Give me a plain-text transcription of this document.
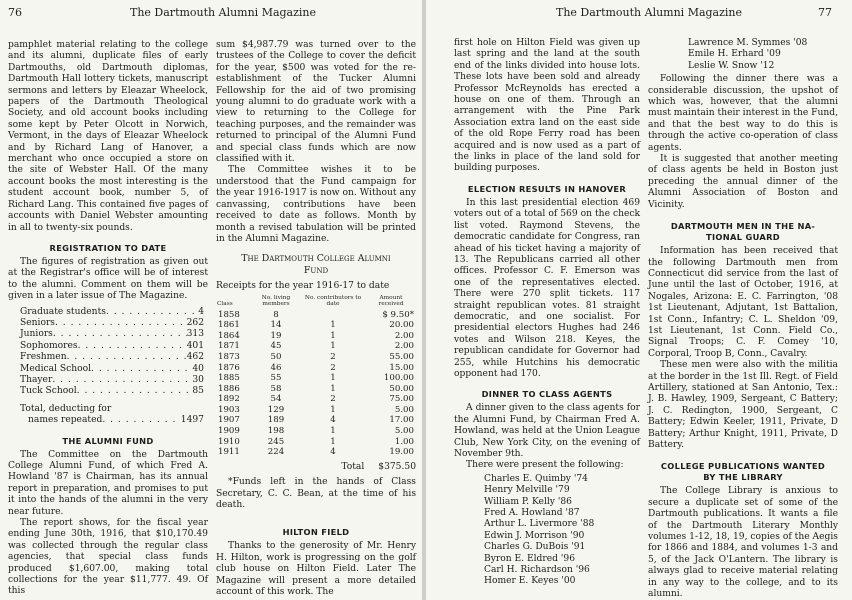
76	The Dartmouth Alumni Magazine

pamphlet material relating to the college and its alumni, duplicate files of early Dartmouths, old Dartmouth diplomas, Dartmouth Hall lottery tickets, manuscript sermons and letters by Eleazar Wheelock, papers of the Dartmouth Theological Society, and old account books including some kept by Peter Olcott in Norwich, Vermont, in the days of Eleazar Wheelock and by Richard Lang of Hanover, a merchant who once occupied a store on the site of Webster Hall. Of the many account books the most interesting is the student account book, number 5, of Richard Lang. This contained five pages of accounts with Daniel Webster amounting in all to twenty-six pounds.

REGISTRATION TO DATE

The figures of registration as given out at the Registrar's office will be of interest to the alumni. Comment on them will be given in a later issue of The Magazine.

Graduate students . . .	4
Seniors . . .	262
Juniors . . .	313
Sophomores . . .	401
Freshmen . . .	462
Medical School . . .	40
Thayer . . .	30
Tuck School . . .	85
Total, deducting for
names repeated . . .	1497
THE ALUMNI FUND

The Committee on the Dartmouth College Alumni Fund, of which Fred A. Howland '87 is Chairman, has its annual report in preparation, and promises to put it into the hands of the alumni in the very near future.

The report shows, for the fiscal year ending June 30th, 1916, that $10,170.49 was collected through the regular class agencies, that special class funds produced $1,607.00, making total collections for the year $11,777. 49. Of this

sum $4,987.79 was turned over to the trustees of the College to cover the deficit for the year, $500 was voted for the re-establishment of the Tucker Alumni Fellowship for the aid of two promising young alumni to do graduate work with a view to returning to the College for teaching purposes, and the remainder was returned to principal of the Alumni Fund and special class funds which are now classified with it.

The Committee wishes it to be understood that the Fund campaign for the year 1916-1917 is now on. Without any canvassing, contributions have been received to date as follows. Month by month a revised tabulation will be printed in the Alumni Magazine.

The Dartmouth College Alumni
Fund
Receipts for the year 1916-17 to date
Class	No. living members	No. contributors to date	Amount received
1858	8		$ 9.50*
1861	14	1	20.00
1864	19	1	2.00
1871	45	1	2.00
1873	50	2	55.00
1876	46	2	15.00
1885	55	1	100.00
1886	58	1	50.00
1892	54	2	75.00
1903	129	1	5.00
1907	189	4	17.00
1909	198	1	5.00
1910	245	1	1.00
1911	224	4	19.00
Total $375.50

*Funds left in the hands of Class Secretary, C. C. Bean, at the time of his death.

HILTON FIELD

Thanks to the generosity of Mr. Henry H. Hilton, work is progressing on the golf club house on Hilton Field. Later The Magazine will present a more detailed account of this work. The

The Dartmouth Alumni Magazine	77

first hole on Hilton Field was given up last spring and the land at the south end of the links divided into house lots. These lots have been sold and already Professor McReynolds has erected a house on one of them. Through an arrangement with the Pine Park Association extra land on the east side of the old Rope Ferry road has been acquired and is now used as a part of the links in place of the land sold for building purposes.

ELECTION RESULTS IN HANOVER

In this last presidential election 469 voters out of a total of 569 on the check list voted. Raymond Stevens, the democratic candidate for Congress, ran ahead of his ticket having a majority of 13. The Republicans carried all other offices. Professor C. F. Emerson was one of the representatives elected. There were 270 split tickets. 117 straight republican votes. 81 straight democratic, and one socialist. For presidential electors Hughes had 246 votes and Wilson 218. Keyes, the republican candidate for Governor had 255, while Hutchins his democratic opponent had 170.

DINNER TO CLASS AGENTS

A dinner given to the class agents for the Alumni Fund, by Chairman Fred A. Howland, was held at the Union League Club, New York City, on the evening of November 9th.

There were present the following:

Charles E. Quimby '74
Henry Melville '79
William P. Kelly '86
Fred A. Howland '87
Arthur L. Livermore '88
Edwin J. Morrison '90
Charles G. DuBois '91
Byron E. Eldred '96
Carl H. Richardson '96
Homer E. Keyes '00
Lawrence M. Symmes '08
Emile H. Erhard '09
Leslie W. Snow '12

Following the dinner there was a considerable discussion, the upshot of which was, however, that the alumni must maintain their interest in the Fund, and that the best way to do this is through the active co-operation of class agents.

It is suggested that another meeting of class agents be held in Boston just preceding the annual dinner of the Alumni Association of Boston and Vicinity.

DARTMOUTH MEN IN THE NA-
TIONAL GUARD

Information has been received that the following Dartmouth men from Connecticut did service from the last of June until the last of October, 1916, at Nogales, Arizona: E. C. Farrington, '08 1st Lieutenant, Adjutant, 1st Battalion, 1st Conn., Infantry; C. L. Sheldon '09, 1st Lieutenant, 1st Conn. Field Co., Signal Troops; C. F. Comey '10, Corporal, Troop B, Conn., Cavalry.

These men were also with the militia at the border in the 1st Ill. Regt. of Field Artillery, stationed at San Antonio, Tex.: J. B. Hawley, 1909, Sergeant, C Battery; J. C. Redington, 1900, Sergeant, C Battery; Edwin Keeler, 1911, Private, D Battery; Arthur Knight, 1911, Private, D Battery.

COLLEGE PUBLICATIONS WANTED
BY THE LIBRARY

The College Library is anxious to secure a duplicate set of some of the Dartmouth publications. It wants a file of the Dartmouth Literary Monthly volumes 1-12, 18, 19, copies of the Aegis for 1866 and 1884, and volumes 1-3 and 5, of the Jack O'Lantern. The library is always glad to receive material relating in any way to the college, and to its alumni.
